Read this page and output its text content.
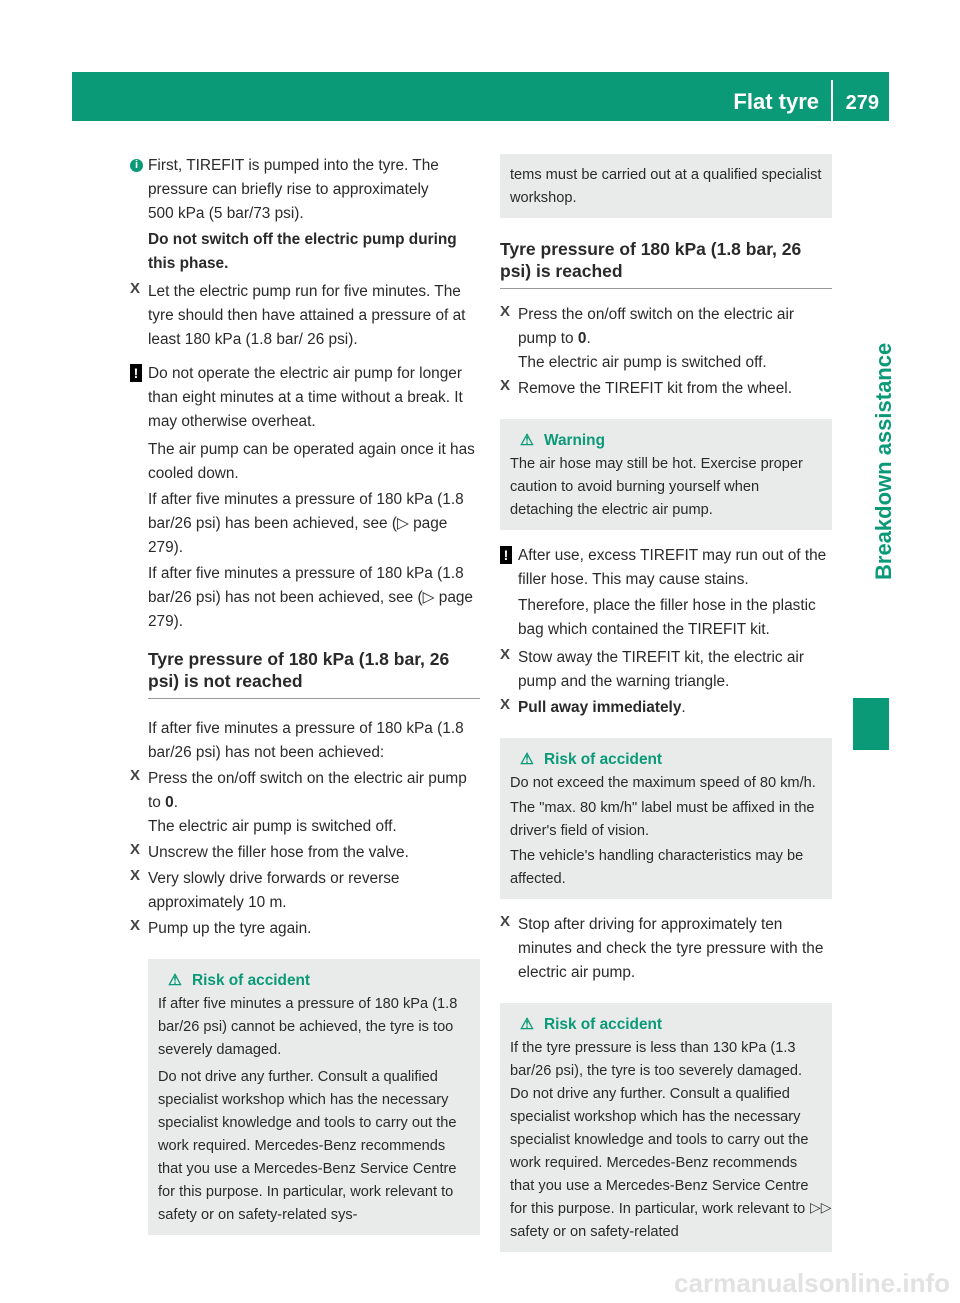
Flat tyre 279
Breakdown assistance
i First, TIREFIT is pumped into the tyre. The pressure can briefly rise to approximately

500 kPa (5 bar/73 psi).

Do not switch off the electric pump during this phase.

X Let the electric pump run for five minutes. The tyre should then have attained a pressure of at least 180 kPa (1.8 bar/ 26 psi).

! Do not operate the electric air pump for longer than eight minutes at a time without a break. It may otherwise overheat.

The air pump can be operated again once it has cooled down.

If after five minutes a pressure of 180 kPa (1.8 bar/26 psi) has been achieved, see (▷ page 279).

If after five minutes a pressure of 180 kPa (1.8 bar/26 psi) has not been achieved, see (▷ page 279).

Tyre pressure of 180 kPa (1.8 bar, 26 psi) is not reached

If after five minutes a pressure of 180 kPa (1.8 bar/26 psi) has not been achieved:

X Press the on/off switch on the electric air pump to 0.

The electric air pump is switched off.

X Unscrew the filler hose from the valve.

X Very slowly drive forwards or reverse approximately 10 m.

X Pump up the tyre again.

⚠ Risk of accident

If after five minutes a pressure of 180 kPa (1.8 bar/26 psi) cannot be achieved, the tyre is too severely damaged.

Do not drive any further. Consult a qualified specialist workshop which has the necessary specialist knowledge and tools to carry out the work required. Mercedes-Benz recommends that you use a Mercedes-Benz Service Centre for this purpose. In particular, work relevant to safety or on safety-related sys-

tems must be carried out at a qualified specialist workshop.

Tyre pressure of 180 kPa (1.8 bar, 26 psi) is reached
X Press the on/off switch on the electric air pump to 0.

The electric air pump is switched off.

X Remove the TIREFIT kit from the wheel.

⚠ Warning

The air hose may still be hot. Exercise proper caution to avoid burning yourself when detaching the electric air pump.

! After use, excess TIREFIT may run out of the filler hose. This may cause stains.

Therefore, place the filler hose in the plastic bag which contained the TIREFIT kit.

X Stow away the TIREFIT kit, the electric air pump and the warning triangle.

X Pull away immediately.

⚠ Risk of accident

Do not exceed the maximum speed of 80 km/h.

The "max. 80 km/h" label must be affixed in the driver's field of vision.

The vehicle's handling characteristics may be affected.

X Stop after driving for approximately ten minutes and check the tyre pressure with the electric air pump.

⚠ Risk of accident

If the tyre pressure is less than 130 kPa (1.3 bar/26 psi), the tyre is too severely damaged. Do not drive any further. Consult a qualified specialist workshop which has the necessary specialist knowledge and tools to carry out the work required. Mercedes-Benz recommends that you use a Mercedes-Benz Service Centre for this purpose. In particular, work relevant to safety or on safety-related

▷▷
carmanualsonline.info
